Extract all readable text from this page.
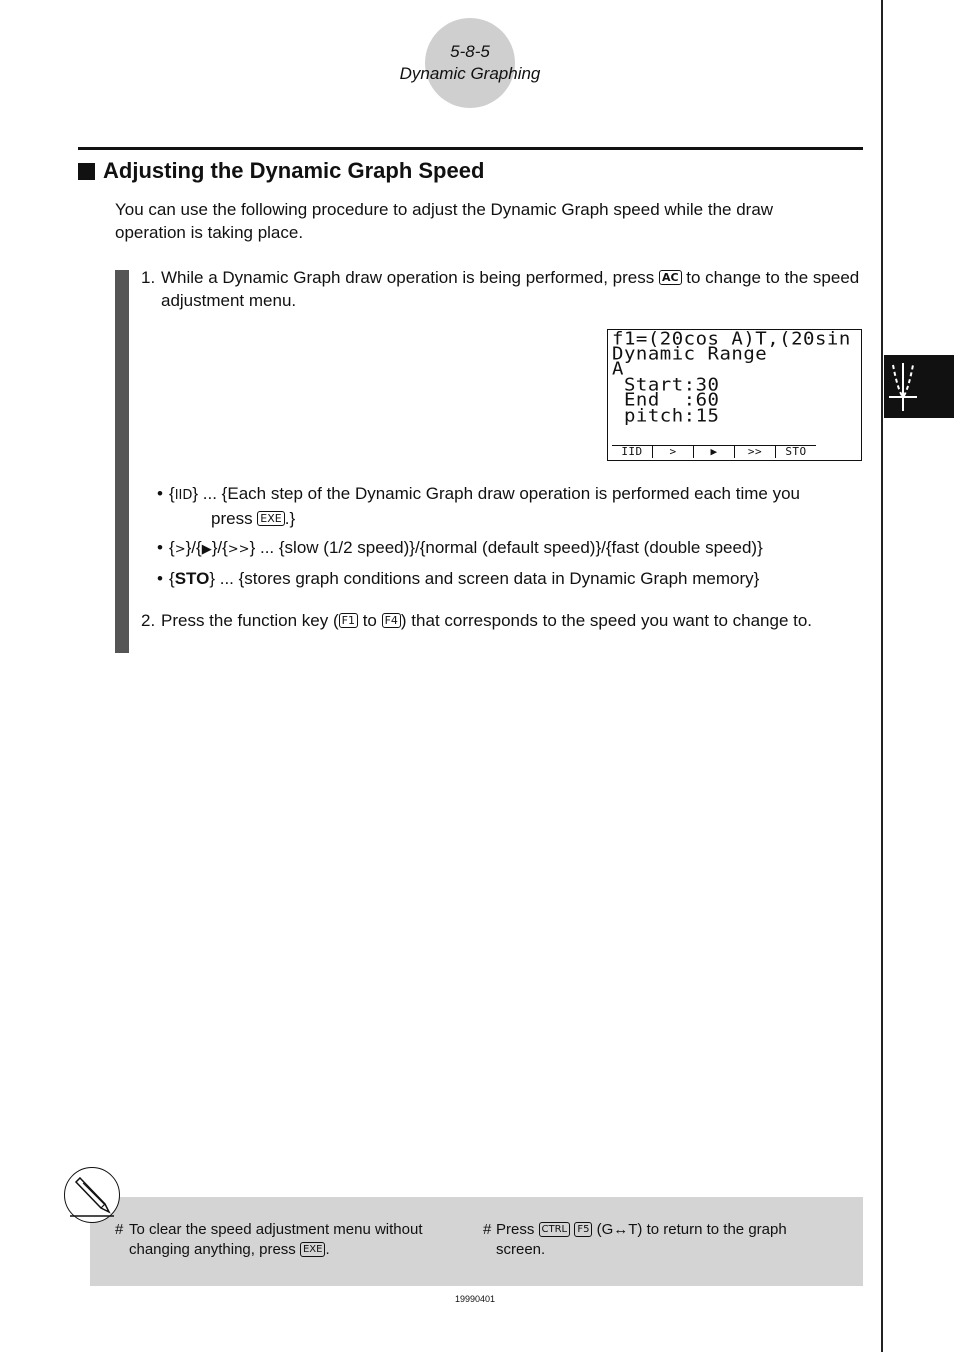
5-8-5
Dynamic Graphing
Adjusting the Dynamic Graph Speed
You can use the following procedure to adjust the Dynamic Graph speed while the draw operation is taking place.
1. While a Dynamic Graph draw operation is being performed, press AC to change to the speed adjustment menu.
f1=(20cos A)T,(20sin
Dynamic Range
A
Start:30
End  :60
pitch:15
IID	>	▶	>>	STO
• {IID} ... {Each step of the Dynamic Graph draw operation is performed each time you
press EXE .}
• {>}/{▶}/{>>} ... {slow (1/2 speed)}/{normal (default speed)}/{fast (double speed)}
• {STO} ... {stores graph conditions and screen data in Dynamic Graph memory}
2. Press the function key ( F1 to F4 ) that corresponds to the speed you want to change to.
# To clear the speed adjustment menu without
changing anything, press EXE .
# Press CTRL F5 (G↔T) to return to the graph
screen.
19990401
